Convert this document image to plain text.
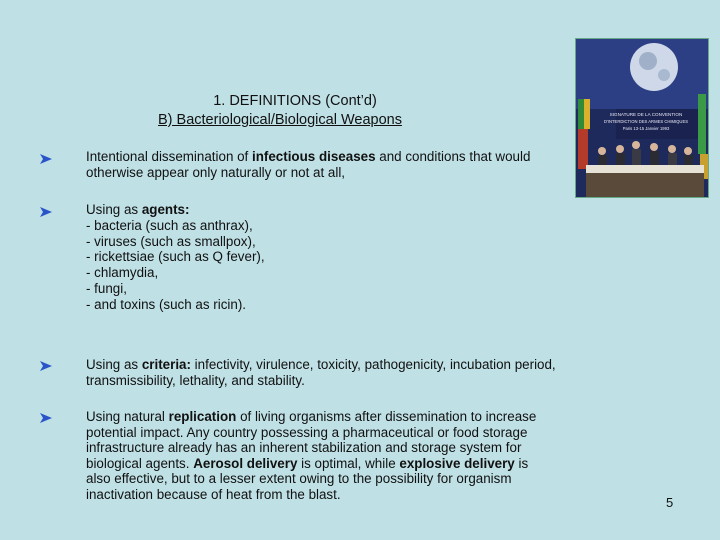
1. DEFINITIONS (Cont’d)
B) Bacteriological/Biological Weapons

Intentional dissemination of infectious diseases and conditions that would otherwise appear only naturally or not at all,

Using as agents:
- bacteria (such as anthrax),
- viruses (such as smallpox),
- rickettsiae (such as Q fever),
- chlamydia,
- fungi,
- and toxins (such as ricin).

Using as criteria: infectivity, virulence, toxicity, pathogenicity, incubation period, transmissibility, lethality, and stability.

Using natural replication of living organisms after dissemination to increase potential impact. Any country possessing a pharmaceutical or food storage infrastructure already has an inherent stabilization and storage system for biological agents. Aerosol delivery is optimal, while explosive delivery is also effective, but to a lesser extent owing to the possibility for organism inactivation because of heat from the blast.

SIGNATURE DE LA CONVENTION
D'INTERDICTION DES ARMES CHIMIQUES
Paris 13-15 Janvier 1993
5
